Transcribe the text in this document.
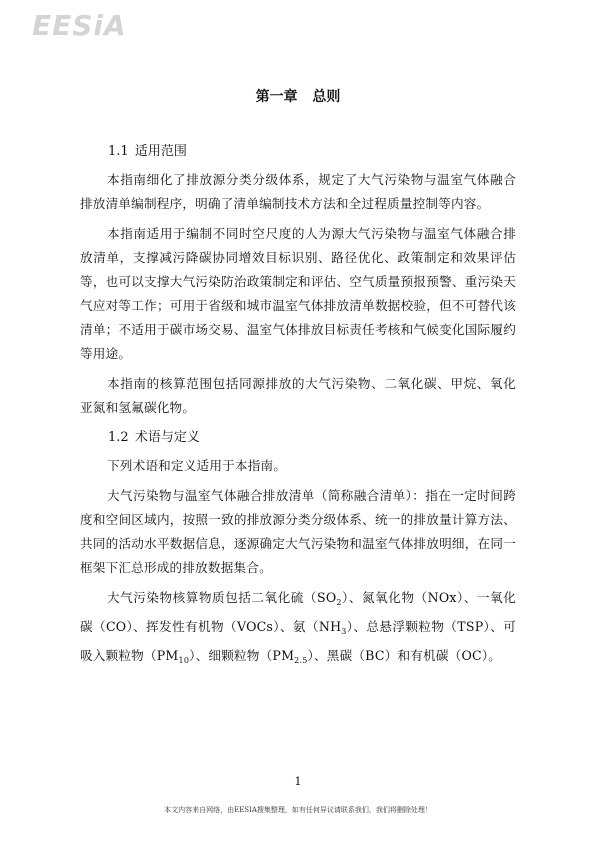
EESiA
第一章 总则
1.1 适用范围

本指南细化了排放源分类分级体系，规定了大气污染物与温室气体融合排放清单编制程序，明确了清单编制技术方法和全过程质量控制等内容。

本指南适用于编制不同时空尺度的人为源大气污染物与温室气体融合排放清单，支撑减污降碳协同增效目标识别、路径优化、政策制定和效果评估等，也可以支撑大气污染防治政策制定和评估、空气质量预报预警、重污染天气应对等工作；可用于省级和城市温室气体排放清单数据校验，但不可替代该清单；不适用于碳市场交易、温室气体排放目标责任考核和气候变化国际履约等用途。

本指南的核算范围包括同源排放的大气污染物、二氧化碳、甲烷、氧化亚氮和氢氟碳化物。

1.2 术语与定义

下列术语和定义适用于本指南。

大气污染物与温室气体融合排放清单（简称融合清单）：指在一定时间跨度和空间区域内，按照一致的排放源分类分级体系、统一的排放量计算方法、共同的活动水平数据信息，逐源确定大气污染物和温室气体排放明细，在同一框架下汇总形成的排放数据集合。

大气污染物核算物质包括二氧化硫$(SO_2)$、氮氧化物（NOx）、一氧化碳（CO）、挥发性有机物（VOCs）、氨$(NH_3)$、总悬浮颗粒物（TSP）、可吸入颗粒物$(PM_{10})$、细颗粒物$(PM_{2.5})$、黑碳（BC）和有机碳（OC）。

1
本文内容来自网络，由EESIA搜集整理，如有任何异议请联系我们，我们将删除处理！
